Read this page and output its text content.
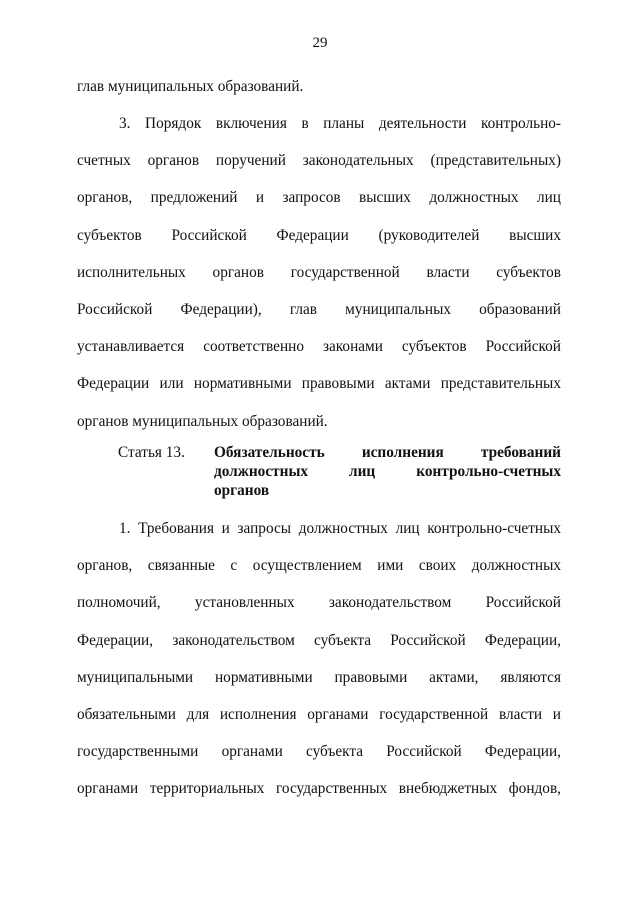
29
глав муниципальных образований.
3. Порядок включения в планы деятельности контрольно-
счетных органов поручений законодательных (представительных)
органов, предложений и запросов высших должностных лиц
субъектов Российской Федерации (руководителей высших
исполнительных органов государственной власти субъектов
Российской Федерации), глав муниципальных образований
устанавливается соответственно законами субъектов Российской
Федерации или нормативными правовыми актами представительных
органов муниципальных образований.
Статья 13. Обязательность исполнения требований
должностных лиц контрольно-счетных
органов
1. Требования и запросы должностных лиц контрольно-счетных
органов, связанные с осуществлением ими своих должностных
полномочий, установленных законодательством Российской
Федерации, законодательством субъекта Российской Федерации,
муниципальными нормативными правовыми актами, являются
обязательными для исполнения органами государственной власти и
государственными органами субъекта Российской Федерации,
органами территориальных государственных внебюджетных фондов,
